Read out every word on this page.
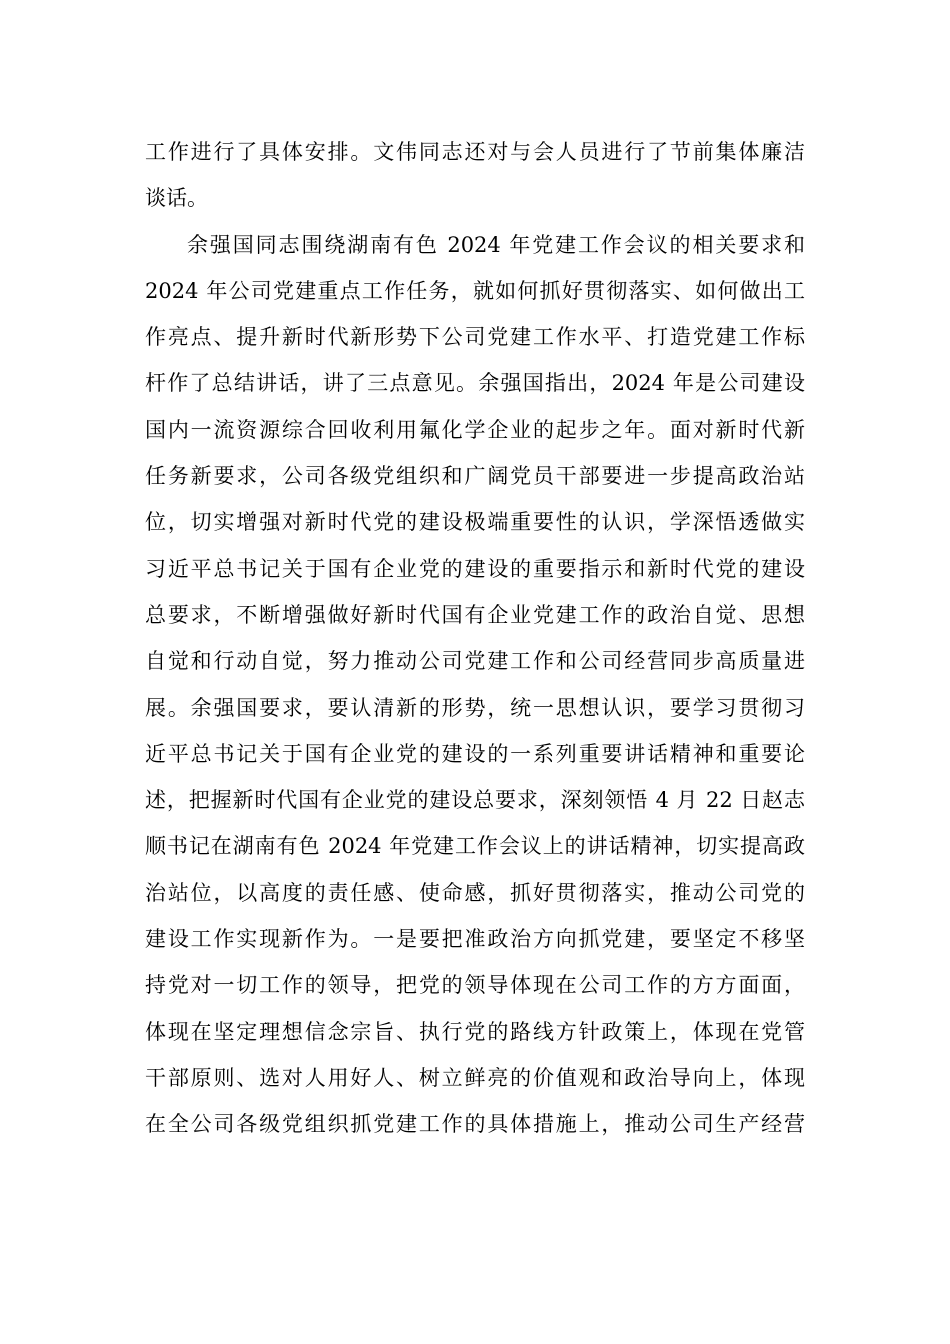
工作进行了具体安排。文伟同志还对与会人员进行了节前集体廉洁
谈话。
余强国同志围绕湖南有色 2024 年党建工作会议的相关要求和
2024 年公司党建重点工作任务，就如何抓好贯彻落实、如何做出工
作亮点、提升新时代新形势下公司党建工作水平、打造党建工作标
杆作了总结讲话，讲了三点意见。余强国指出，2024 年是公司建设
国内一流资源综合回收利用氟化学企业的起步之年。面对新时代新
任务新要求，公司各级党组织和广阔党员干部要进一步提高政治站
位，切实增强对新时代党的建设极端重要性的认识，学深悟透做实
习近平总书记关于国有企业党的建设的重要指示和新时代党的建设
总要求，不断增强做好新时代国有企业党建工作的政治自觉、思想
自觉和行动自觉，努力推动公司党建工作和公司经营同步高质量进
展。余强国要求，要认清新的形势，统一思想认识，要学习贯彻习
近平总书记关于国有企业党的建设的一系列重要讲话精神和重要论
述，把握新时代国有企业党的建设总要求，深刻领悟 4 月 22 日赵志
顺书记在湖南有色 2024 年党建工作会议上的讲话精神，切实提高政
治站位，以高度的责任感、使命感，抓好贯彻落实，推动公司党的
建设工作实现新作为。一是要把准政治方向抓党建，要坚定不移坚
持党对一切工作的领导，把党的领导体现在公司工作的方方面面，
体现在坚定理想信念宗旨、执行党的路线方针政策上，体现在党管
干部原则、选对人用好人、树立鲜亮的价值观和政治导向上，体现
在全公司各级党组织抓党建工作的具体措施上，推动公司生产经营
